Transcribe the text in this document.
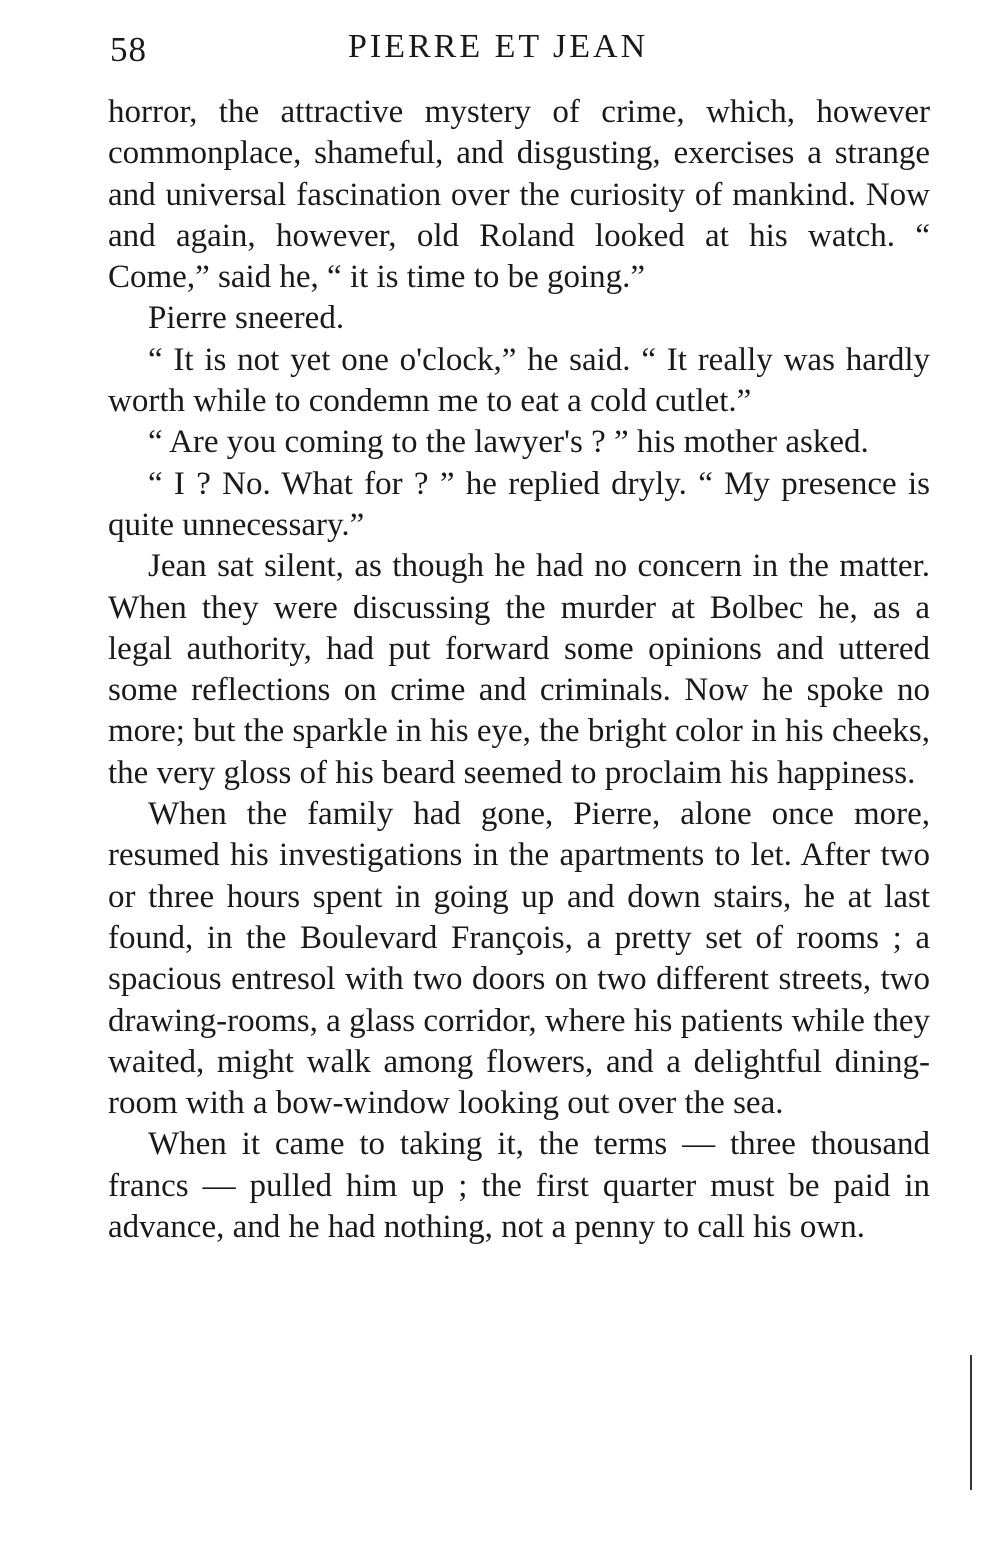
58	PIERRE ET JEAN

horror, the attractive mystery of crime, which, however commonplace, shameful, and disgusting, exercises a strange and universal fascination over the curiosity of mankind. Now and again, however, old Roland looked at his watch. “ Come,” said he, “ it is time to be going.”

Pierre sneered.

“ It is not yet one o'clock,” he said. “ It really was hardly worth while to condemn me to eat a cold cutlet.”

“ Are you coming to the lawyer's ? ” his mother asked.

“ I ? No. What for ? ” he replied dryly. “ My presence is quite unnecessary.”

Jean sat silent, as though he had no concern in the matter. When they were discussing the murder at Bolbec he, as a legal authority, had put forward some opinions and uttered some reflections on crime and criminals. Now he spoke no more; but the sparkle in his eye, the bright color in his cheeks, the very gloss of his beard seemed to proclaim his happiness.

When the family had gone, Pierre, alone once more, resumed his investigations in the apartments to let. After two or three hours spent in going up and down stairs, he at last found, in the Boulevard François, a pretty set of rooms ; a spacious entresol with two doors on two different streets, two drawing-rooms, a glass corridor, where his patients while they waited, might walk among flowers, and a delightful dining-room with a bow-window looking out over the sea.

When it came to taking it, the terms — three thousand francs — pulled him up ; the first quarter must be paid in advance, and he had nothing, not a penny to call his own.
